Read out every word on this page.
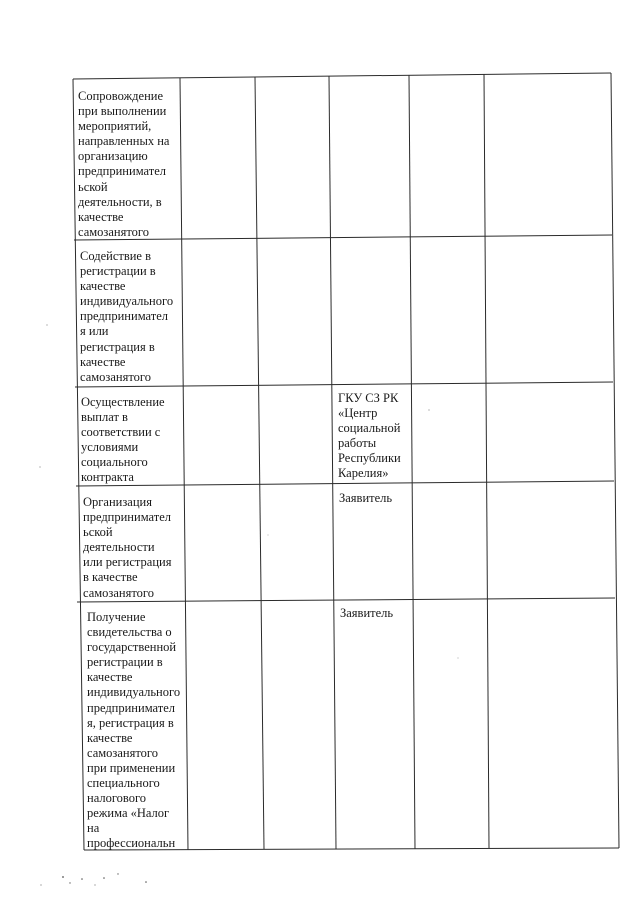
Сопровождение
при выполнении
мероприятий,
направленных на
организацию
предпринимател
ьской
деятельности, в
качестве
самозанятого

Содействие в
регистрации в
качестве
индивидуального
предпринимател
я или
регистрация в
качестве
самозанятого

Осуществление
выплат в
соответствии с
условиями
социального
контракта

ГКУ СЗ РК
«Центр
социальной
работы
Республики
Карелия»

Организация
предпринимател
ьской
деятельности
или регистрация
в качестве
самозанятого

Заявитель

Получение
свидетельства о
государственной
регистрации в
качестве
индивидуального
предпринимател
я, регистрация в
качестве
самозанятого
при применении
специального
налогового
режима «Налог
на
профессиональн

Заявитель
